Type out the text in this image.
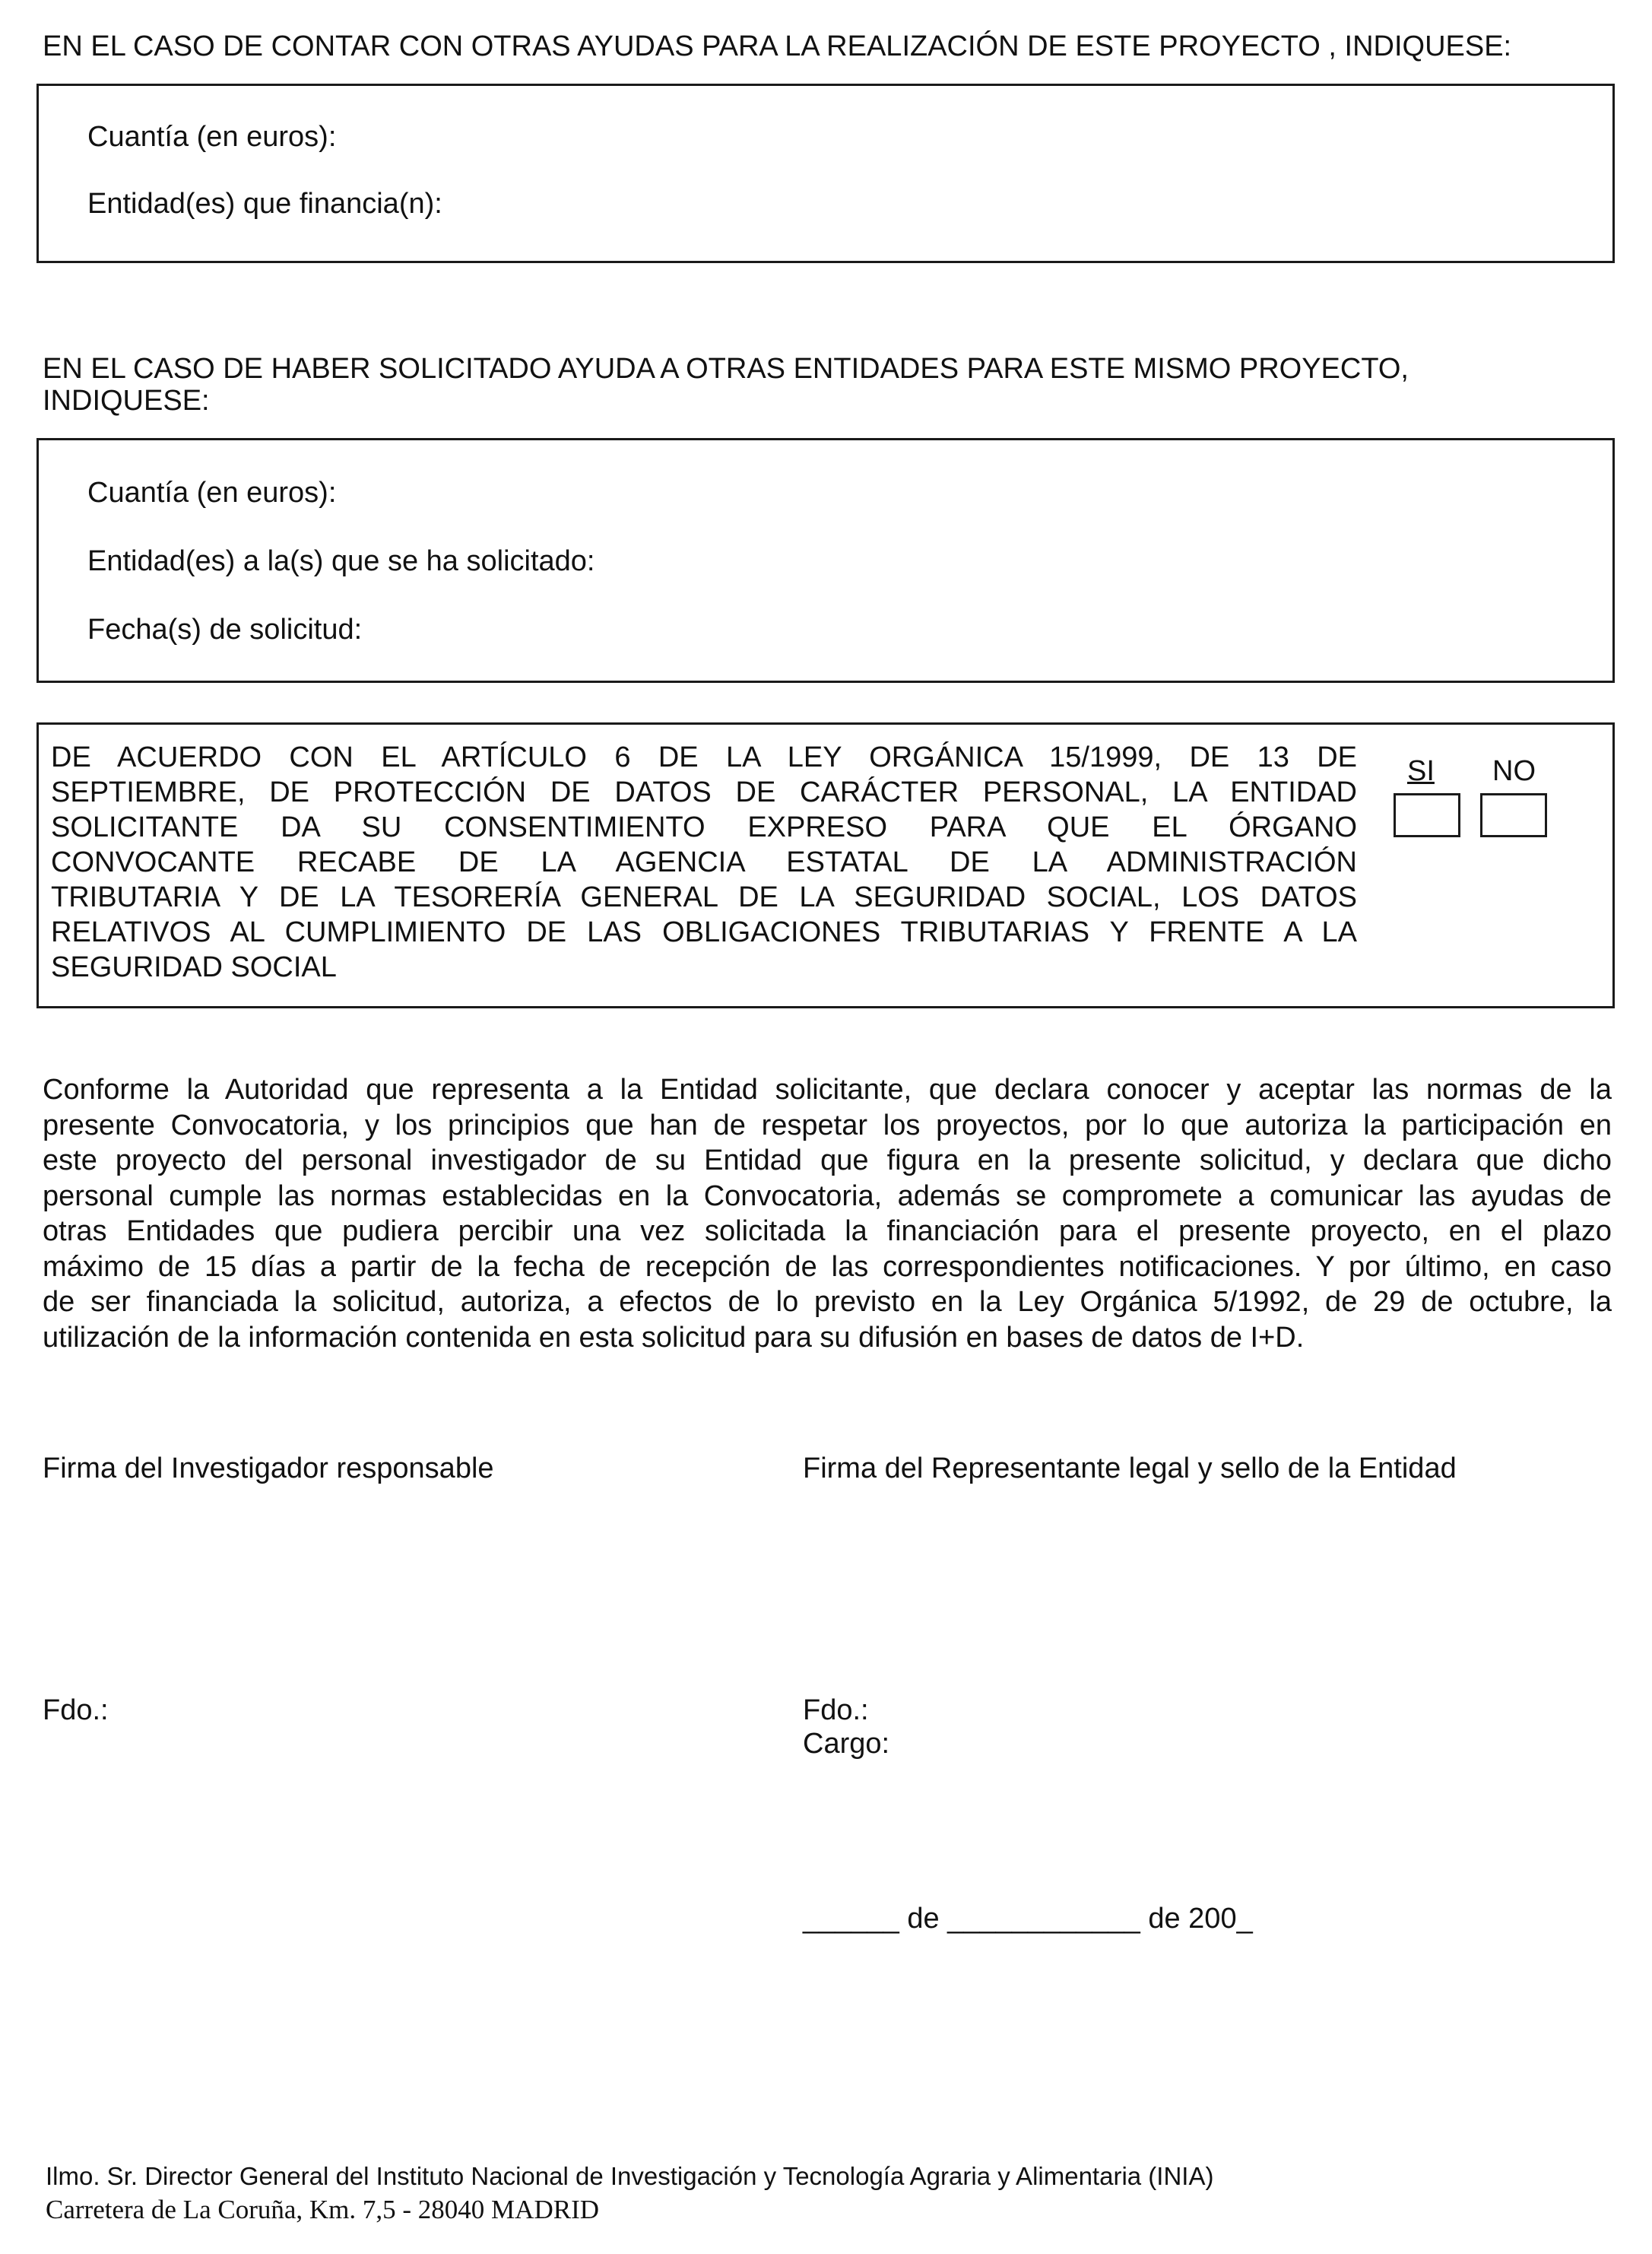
EN EL CASO DE CONTAR CON OTRAS AYUDAS PARA LA REALIZACIÓN DE ESTE PROYECTO , INDIQUESE:
Cuantía (en euros):
Entidad(es) que financia(n):
EN EL CASO DE HABER SOLICITADO AYUDA A OTRAS ENTIDADES PARA ESTE MISMO PROYECTO,
INDIQUESE:
Cuantía (en euros):
Entidad(es) a la(s) que se ha solicitado:
Fecha(s) de solicitud:
DE ACUERDO CON EL ARTÍCULO 6 DE LA LEY ORGÁNICA 15/1999, DE 13 DE
SEPTIEMBRE, DE PROTECCIÓN DE DATOS DE CARÁCTER PERSONAL, LA ENTIDAD
SOLICITANTE DA SU CONSENTIMIENTO EXPRESO PARA QUE EL ÓRGANO
CONVOCANTE RECABE DE LA AGENCIA ESTATAL DE LA ADMINISTRACIÓN
TRIBUTARIA Y DE LA TESORERÍA GENERAL DE LA SEGURIDAD SOCIAL, LOS DATOS
RELATIVOS AL CUMPLIMIENTO DE LAS OBLIGACIONES TRIBUTARIAS Y FRENTE A LA
SEGURIDAD SOCIAL
SI NO
Conforme la Autoridad que representa a la Entidad solicitante, que declara conocer y aceptar las normas de la
presente Convocatoria, y los principios que han de respetar los proyectos, por lo que autoriza la participación en
este proyecto del personal investigador de su Entidad que figura en la presente solicitud, y declara que dicho
personal cumple las normas establecidas en la Convocatoria, además se compromete a comunicar las ayudas de
otras Entidades que pudiera percibir una vez solicitada la financiación para el presente proyecto, en el plazo
máximo de 15 días a partir de la fecha de recepción de las correspondientes notificaciones. Y por último, en caso
de ser financiada la solicitud, autoriza, a efectos de lo previsto en la Ley Orgánica 5/1992, de 29 de octubre, la
utilización de la información contenida en esta solicitud para su difusión en bases de datos de I+D.
Firma del Investigador responsable	Firma del Representante legal y sello de la Entidad
Fdo.:	Fdo.:
Cargo:
______ de ____________ de 200_
Ilmo. Sr. Director General del Instituto Nacional de Investigación y Tecnología Agraria y Alimentaria (INIA)
Carretera de La Coruña, Km. 7,5 - 28040 MADRID
